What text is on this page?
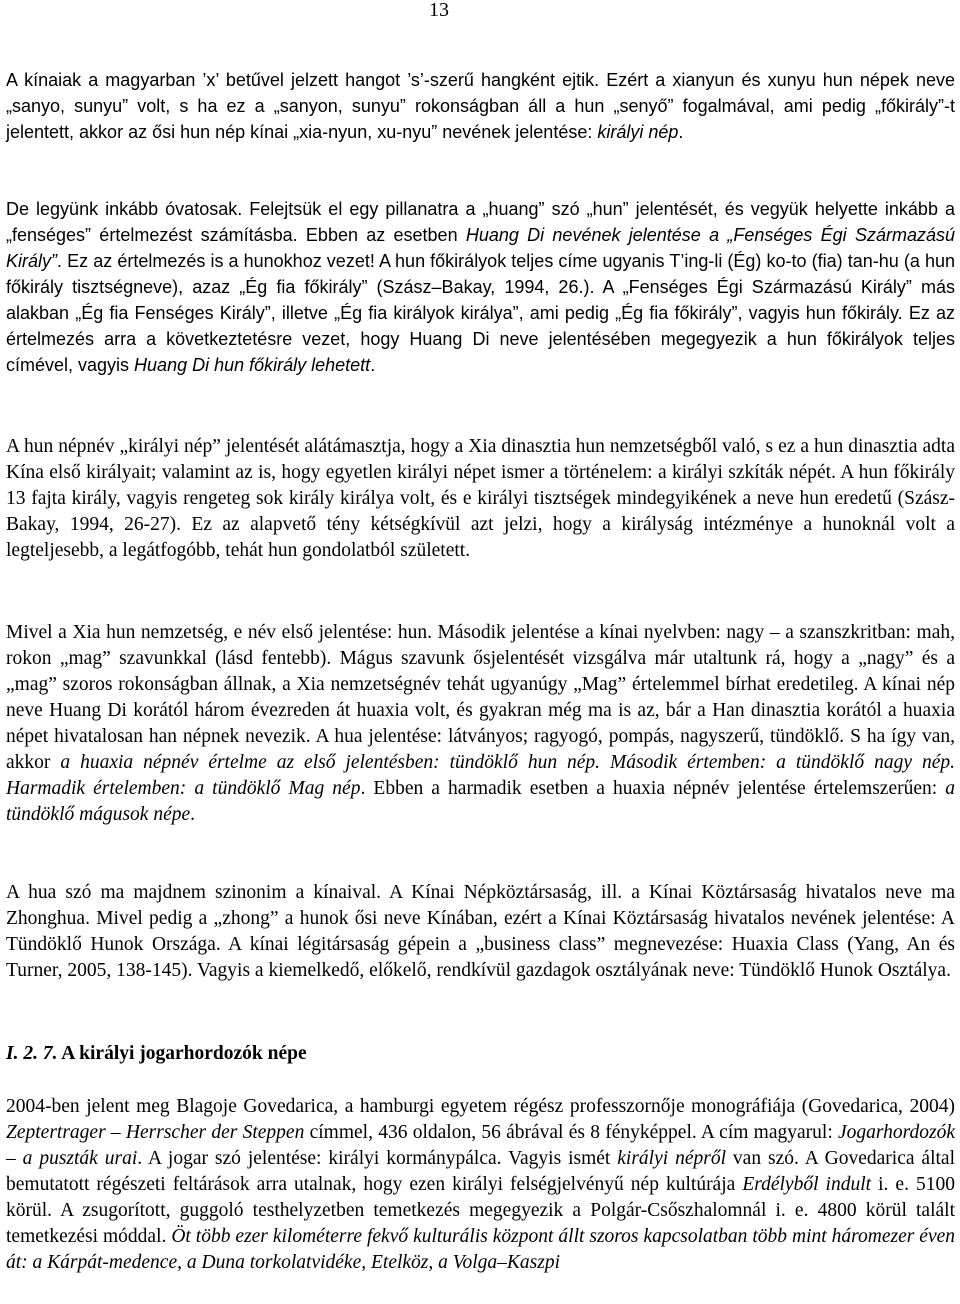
13

A kínaiak a magyarban ’x’ betűvel jelzett hangot ’s’-szerű hangként ejtik. Ezért a xianyun és xunyu hun népek neve „sanyo, sunyu” volt, s ha ez a „sanyon, sunyu” rokonságban áll a hun „senyő” fogalmával, ami pedig „főkirály”-t jelentett, akkor az ősi hun nép kínai „xia-nyun, xu-nyu” nevének jelentése: királyi nép.

De legyünk inkább óvatosak. Felejtsük el egy pillanatra a „huang” szó „hun” jelentését, és vegyük helyette inkább a „fenséges” értelmezést számításba. Ebben az esetben Huang Di nevének jelentése a „Fenséges Égi Származású Király”. Ez az értelmezés is a hunokhoz vezet! A hun főkirályok teljes címe ugyanis T’ing-li (Ég) ko-to (fia) tan-hu (a hun főkirály tisztségneve), azaz „Ég fia főkirály” (Szász–Bakay, 1994, 26.). A „Fenséges Égi Származású Király” más alakban „Ég fia Fenséges Király”, illetve „Ég fia királyok királya”, ami pedig „Ég fia főkirály”, vagyis hun főkirály. Ez az értelmezés arra a következtetésre vezet, hogy Huang Di neve jelentésében megegyezik a hun főkirályok teljes címével, vagyis Huang Di hun főkirály lehetett.

A hun népnév „királyi nép” jelentését alátámasztja, hogy a Xia dinasztia hun nemzetségből való, s ez a hun dinasztia adta Kína első királyait; valamint az is, hogy egyetlen királyi népet ismer a történelem: a királyi szkíták népét. A hun főkirály 13 fajta király, vagyis rengeteg sok király királya volt, és e királyi tisztségek mindegyikének a neve hun eredetű (Szász-Bakay, 1994, 26-27). Ez az alapvető tény kétségkívül azt jelzi, hogy a királyság intézménye a hunoknál volt a legteljesebb, a legátfogóbb, tehát hun gondolatból született.

Mivel a Xia hun nemzetség, e név első jelentése: hun. Második jelentése a kínai nyelvben: nagy – a szanszkritban: mah, rokon „mag” szavunkkal (lásd fentebb). Mágus szavunk ősjelentését vizsgálva már utaltunk rá, hogy a „nagy” és a „mag” szoros rokonságban állnak, a Xia nemzetségnév tehát ugyanúgy „Mag” értelemmel bírhat eredetileg. A kínai nép neve Huang Di korától három évezreden át huaxia volt, és gyakran még ma is az, bár a Han dinasztia korától a huaxia népet hivatalosan han népnek nevezik. A hua jelentése: látványos; ragyogó, pompás, nagyszerű, tündöklő. S ha így van, akkor a huaxia népnév értelme az első jelentésben: tündöklő hun nép. Második értemben: a tündöklő nagy nép. Harmadik értelemben: a tündöklő Mag nép. Ebben a harmadik esetben a huaxia népnév jelentése értelemszerűen: a tündöklő mágusok népe.

A hua szó ma majdnem szinonim a kínaival. A Kínai Népköztársaság, ill. a Kínai Köztársaság hivatalos neve ma Zhonghua. Mivel pedig a „zhong” a hunok ősi neve Kínában, ezért a Kínai Köztársaság hivatalos nevének jelentése: A Tündöklő Hunok Országa. A kínai légitársaság gépein a „business class” megnevezése: Huaxia Class (Yang, An és Turner, 2005, 138-145). Vagyis a kiemelkedő, előkelő, rendkívül gazdagok osztályának neve: Tündöklő Hunok Osztálya.

I. 2. 7. A királyi jogarhordozók népe

2004-ben jelent meg Blagoje Govedarica, a hamburgi egyetem régész professzornője monográfiája (Govedarica, 2004) Zeptertrager – Herrscher der Steppen címmel, 436 oldalon, 56 ábrával és 8 fényképpel. A cím magyarul: Jogarhordozók – a puszták urai. A jogar szó jelentése: királyi kormánypálca. Vagyis ismét királyi népről van szó. A Govedarica által bemutatott régészeti feltárások arra utalnak, hogy ezen királyi felségjelvényű nép kultúrája Erdélyből indult i. e. 5100 körül. A zsugorított, guggoló testhelyzetben temetkezés megegyezik a Polgár-Csőszhalomnál i. e. 4800 körül talált temetkezési móddal. Öt több ezer kilométerre fekvő kulturális központ állt szoros kapcsolatban több mint háromezer éven át: a Kárpát-medence, a Duna torkolatvidéke, Etelköz, a Volga–Kaszpi
